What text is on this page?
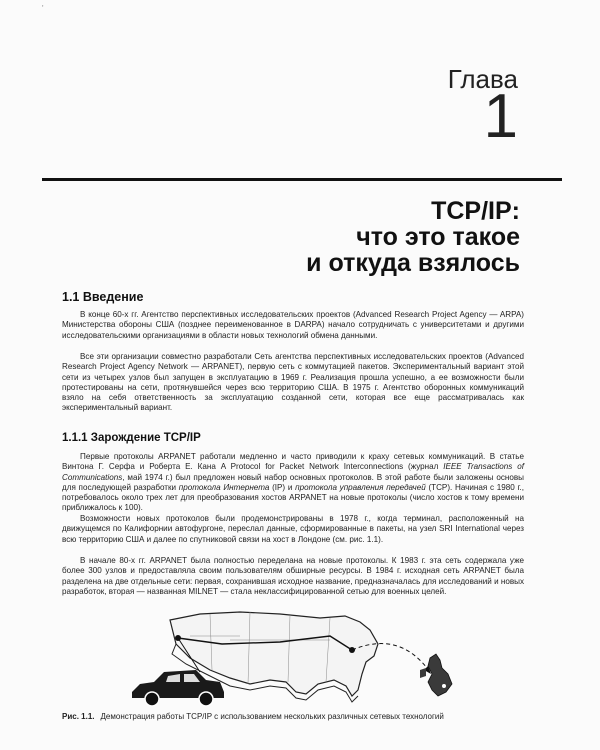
'
Глава
1
TCP/IP:
что это такое
и откуда взялось
1.1 Введение

В конце 60-х гг. Агентство перспективных исследовательских проектов (Advanced Research Project Agency — ARPA) Министерства обороны США (позднее переименованное в DARPA) начало сотрудничать с университетами и другими исследовательскими организациями в области новых технологий обмена данными.

Все эти организации совместно разработали Сеть агентства перспективных исследовательских проектов (Advanced Research Project Agency Network — ARPANET), первую сеть с коммутацией пакетов. Экспериментальный вариант этой сети из четырех узлов был запущен в эксплуатацию в 1969 г. Реализация прошла успешно, а ее возможности были протестированы на сети, протянувшейся через всю территорию США. В 1975 г. Агентство оборонных коммуникаций взяло на себя ответственность за эксплуатацию созданной сети, которая все еще рассматривалась как экспериментальный вариант.

1.1.1 Зарождение TCP/IP

Первые протоколы ARPANET работали медленно и часто приводили к краху сетевых коммуникаций. В статье Винтона Г. Серфа и Роберта Е. Кана A Protocol for Packet Network Interconnections (журнал IEEE Transactions of Communications, май 1974 г.) был предложен новый набор основных протоколов. В этой работе были заложены основы для последующей разработки протокола Интернета (IP) и протокола управления передачей (TCP). Начиная с 1980 г., потребовалось около трех лет для преобразования хостов ARPANET на новые протоколы (число хостов к тому времени приближалось к 100).

Возможности новых протоколов были продемонстрированы в 1978 г., когда терминал, расположенный на движущемся по Калифорнии автофургоне, переслал данные, сформированные в пакеты, на узел SRI International через всю территорию США и далее по спутниковой связи на хост в Лондоне (см. рис. 1.1).

В начале 80-х гг. ARPANET была полностью переделана на новые протоколы. К 1983 г. эта сеть содержала уже более 300 узлов и предоставляла своим пользователям обширные ресурсы. В 1984 г. исходная сеть ARPANET была разделена на две отдельные сети: первая, сохранившая исходное название, предназначалась для исследований и новых разработок, вторая — названная MILNET — стала неклассифицированной сетью для военных целей.

Рис. 1.1. Демонстрация работы TCP/IP с использованием нескольких различных сетевых технологий
